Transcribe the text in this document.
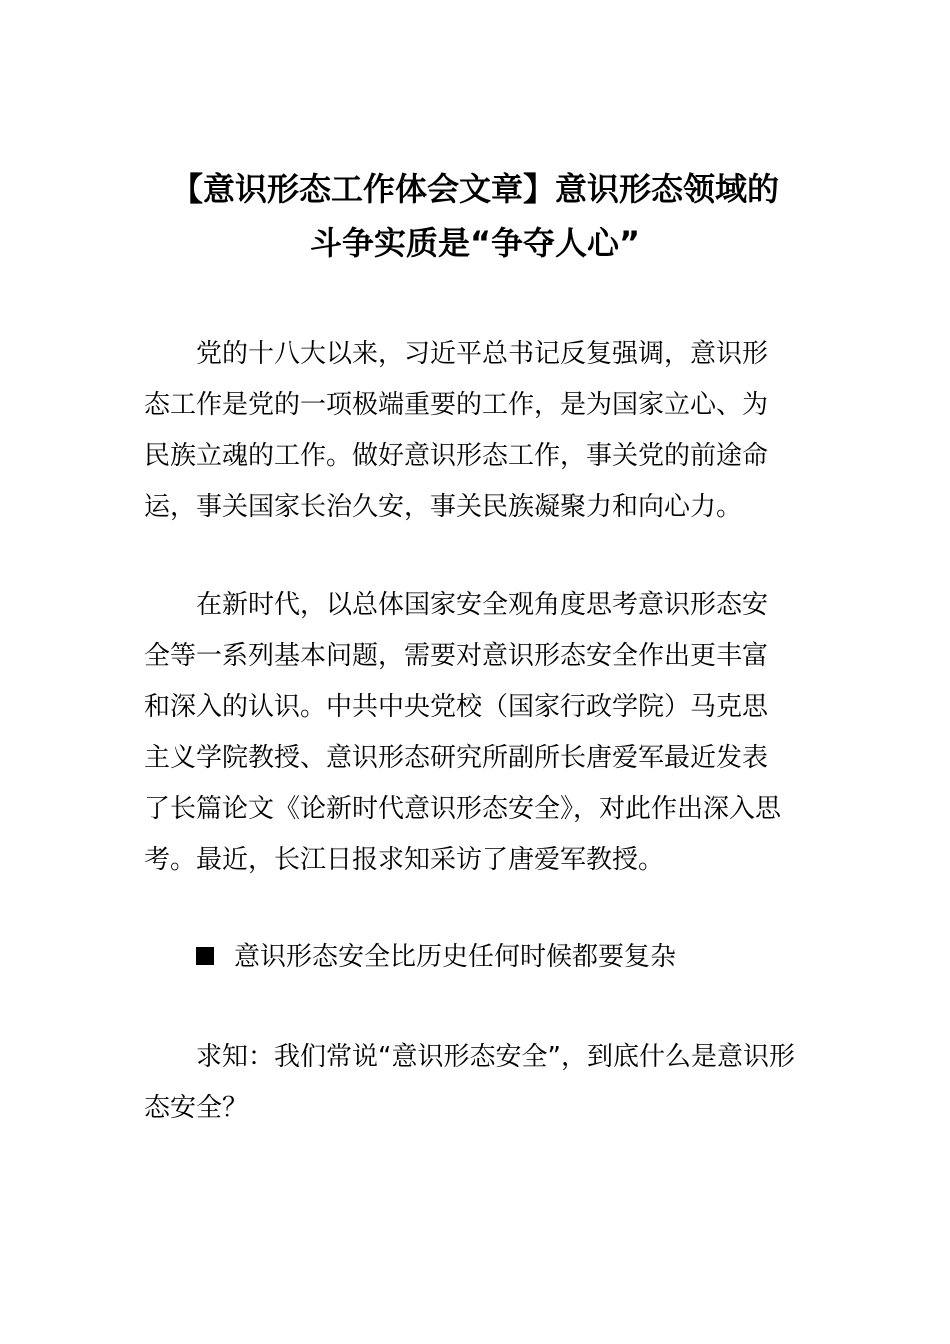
【意识形态工作体会文章】意识形态领域的
斗争实质是“争夺人心”
党的十八大以来，习近平总书记反复强调，意识形
态工作是党的一项极端重要的工作，是为国家立心、为
民族立魂的工作。做好意识形态工作，事关党的前途命
运，事关国家长治久安，事关民族凝聚力和向心力。
在新时代，以总体国家安全观角度思考意识形态安
全等一系列基本问题，需要对意识形态安全作出更丰富
和深入的认识。中共中央党校（国家行政学院）马克思
主义学院教授、意识形态研究所副所长唐爱军最近发表
了长篇论文《论新时代意识形态安全》，对此作出深入思
考。最近，长江日报求知采访了唐爱军教授。
意识形态安全比历史任何时候都要复杂
求知：我们常说“意识形态安全”，到底什么是意识形
态安全？
